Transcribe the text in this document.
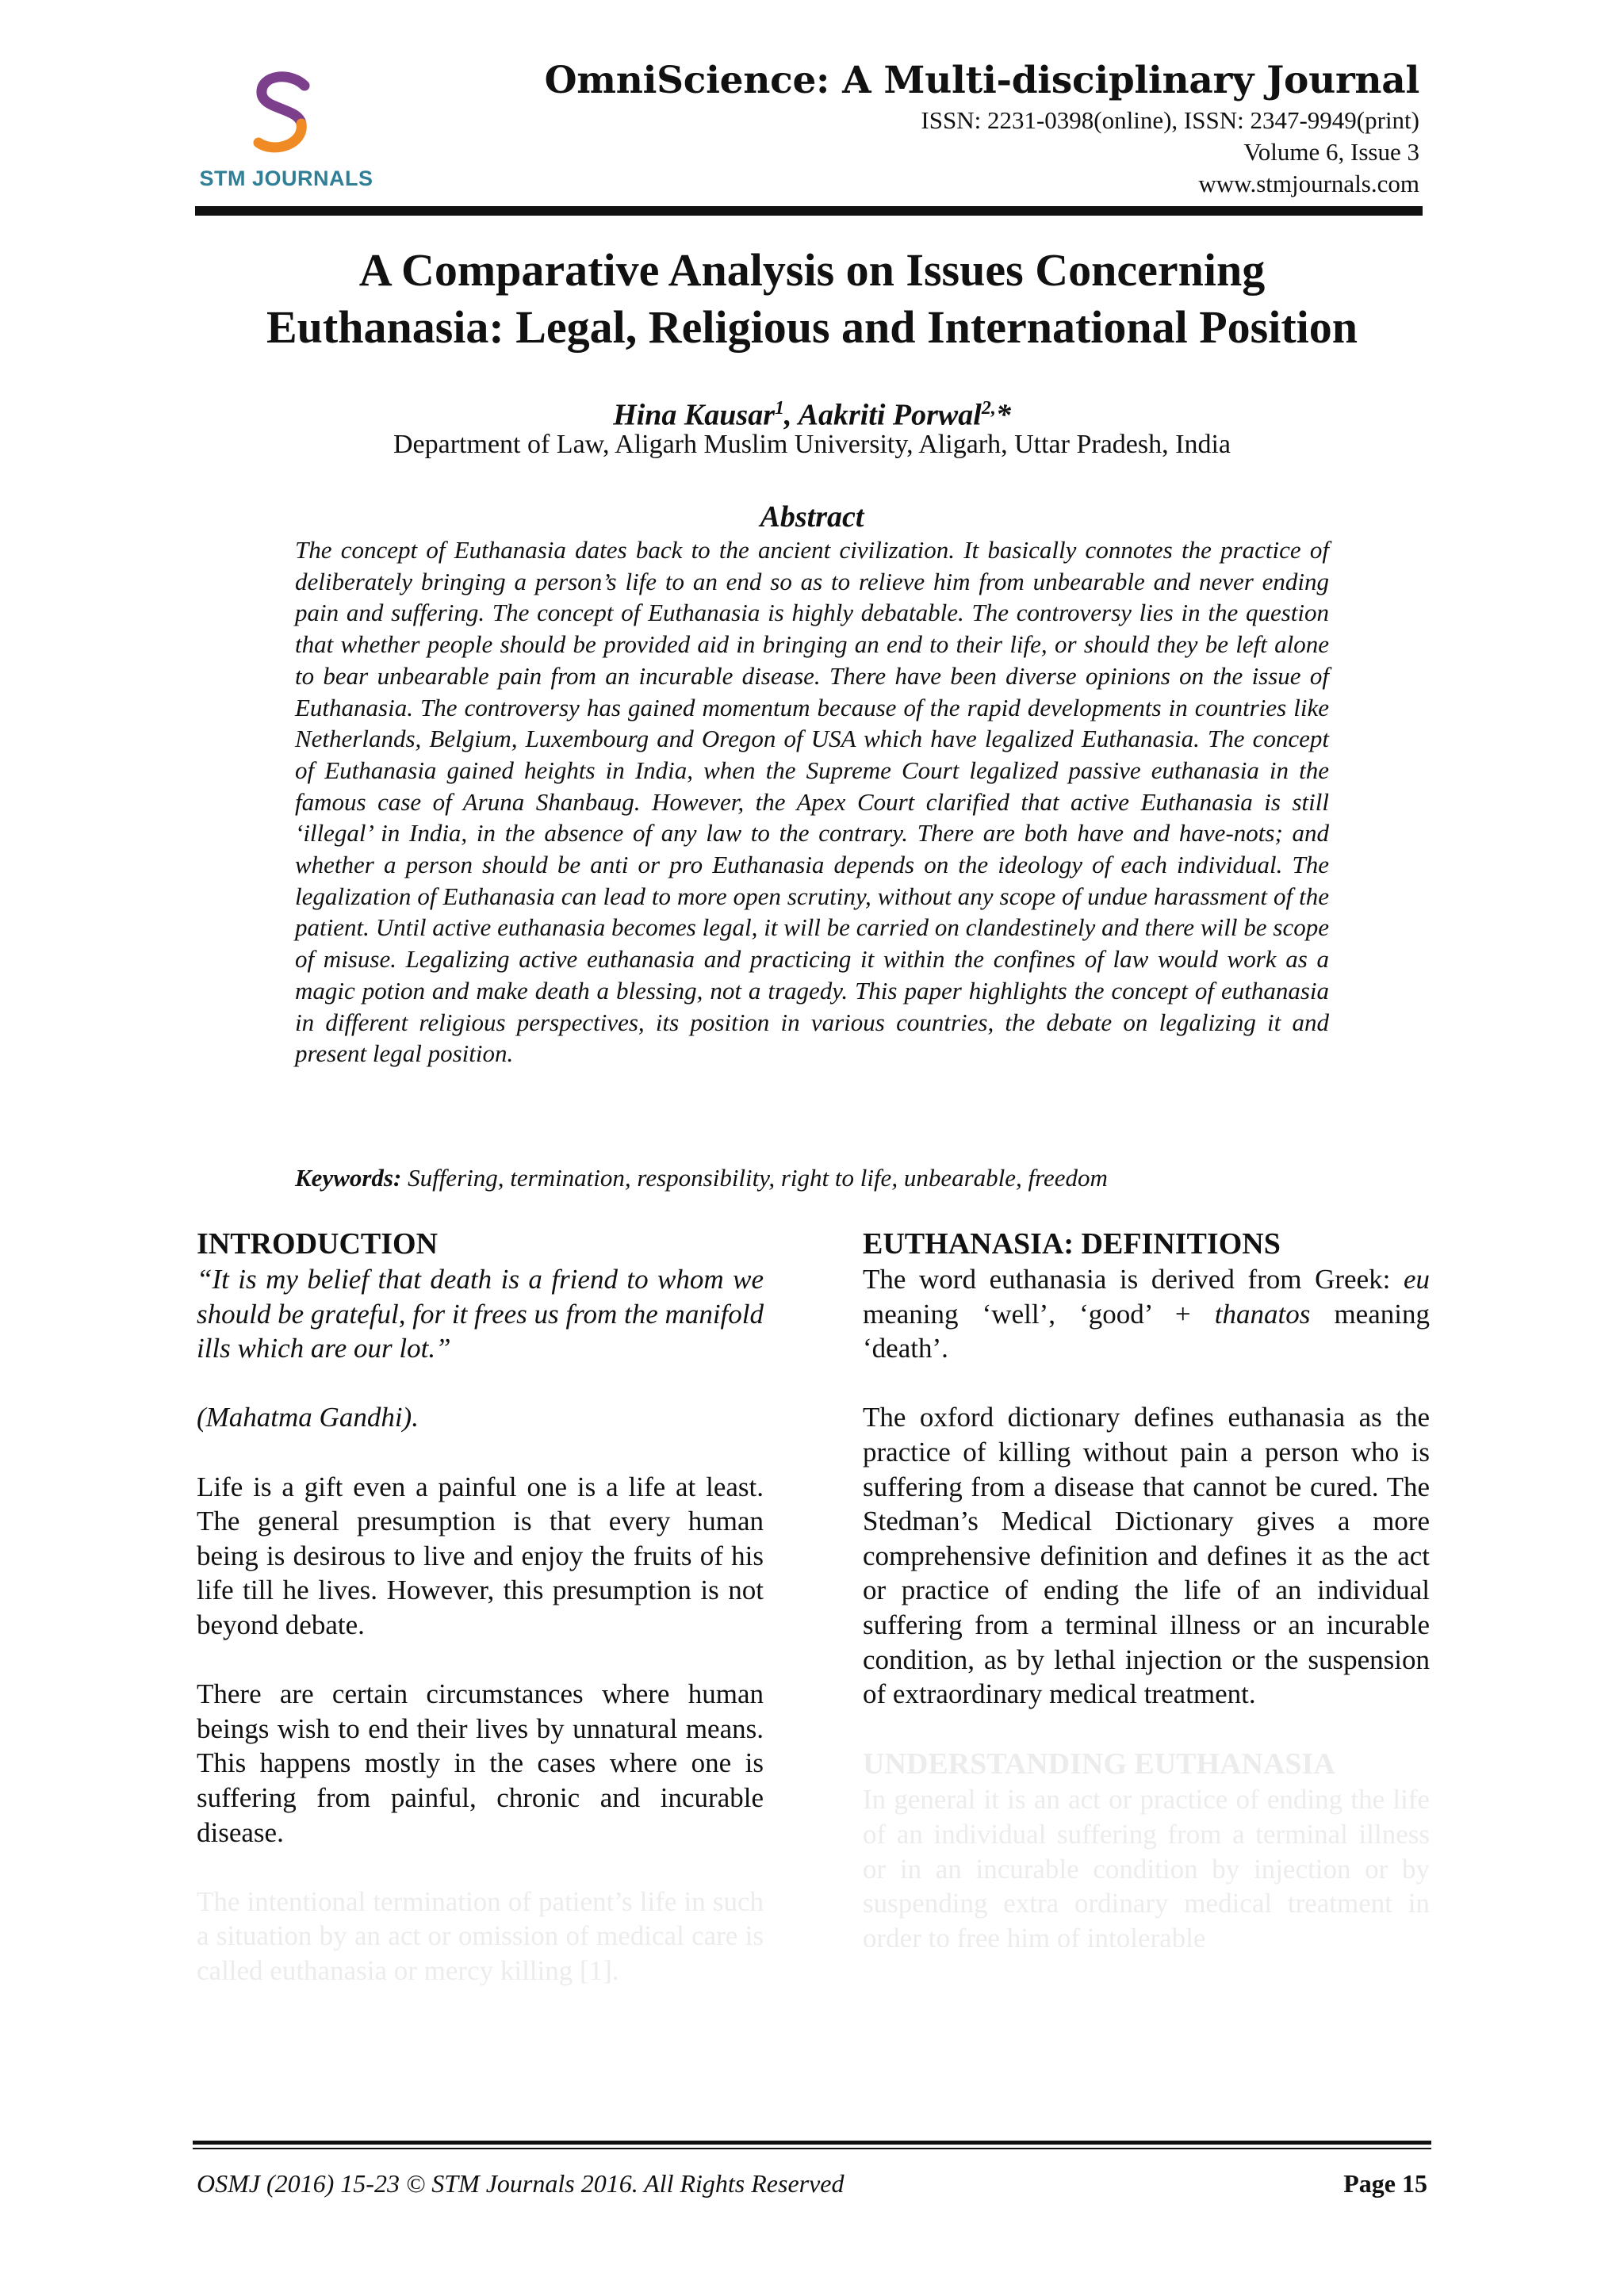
STM JOURNALS
OmniScience: A Multi-disciplinary Journal
ISSN: 2231-0398(online), ISSN: 2347-9949(print)
Volume 6, Issue 3
www.stmjournals.com
A Comparative Analysis on Issues Concerning
Euthanasia: Legal, Religious and International Position
Hina Kausar$^1$, Aakriti Porwal$^{2,}$*
Department of Law, Aligarh Muslim University, Aligarh, Uttar Pradesh, India
Abstract
The concept of Euthanasia dates back to the ancient civilization. It basically connotes the practice of deliberately bringing a person’s life to an end so as to relieve him from unbearable and never ending pain and suffering. The concept of Euthanasia is highly debatable. The controversy lies in the question that whether people should be provided aid in bringing an end to their life, or should they be left alone to bear unbearable pain from an incurable disease. There have been diverse opinions on the issue of Euthanasia. The controversy has gained momentum because of the rapid developments in countries like Netherlands, Belgium, Luxembourg and Oregon of USA which have legalized Euthanasia. The concept of Euthanasia gained heights in India, when the Supreme Court legalized passive euthanasia in the famous case of Aruna Shanbaug. However, the Apex Court clarified that active Euthanasia is still ‘illegal’ in India, in the absence of any law to the contrary. There are both have and have-nots; and whether a person should be anti or pro Euthanasia depends on the ideology of each individual. The legalization of Euthanasia can lead to more open scrutiny, without any scope of undue harassment of the patient. Until active euthanasia becomes legal, it will be carried on clandestinely and there will be scope of misuse. Legalizing active euthanasia and practicing it within the confines of law would work as a magic potion and make death a blessing, not a tragedy. This paper highlights the concept of euthanasia in different religious perspectives, its position in various countries, the debate on legalizing it and present legal position.
Keywords: Suffering, termination, responsibility, right to life, unbearable, freedom
INTRODUCTION

“It is my belief that death is a friend to whom we should be grateful, for it frees us from the manifold ills which are our lot.”

(Mahatma Gandhi).

Life is a gift even a painful one is a life at least. The general presumption is that every human being is desirous to live and enjoy the fruits of his life till he lives. However, this presumption is not beyond debate.

There are certain circumstances where human beings wish to end their lives by unnatural means. This happens mostly in the cases where one is suffering from painful, chronic and incurable disease.

The intentional termination of patient’s life in such a situation by an act or omission of medical care is called euthanasia or mercy killing [1].

EUTHANASIA: DEFINITIONS

The word euthanasia is derived from Greek: eu meaning ‘well’, ‘good’ + thanatos meaning ‘death’.

The oxford dictionary defines euthanasia as the practice of killing without pain a person who is suffering from a disease that cannot be cured. The Stedman’s Medical Dictionary gives a more comprehensive definition and defines it as the act or practice of ending the life of an individual suffering from a terminal illness or an incurable condition, as by lethal injection or the suspension of extraordinary medical treatment.

UNDERSTANDING EUTHANASIA

In general it is an act or practice of ending the life of an individual suffering from a terminal illness or in an incurable condition by injection or by suspending extra ordinary medical treatment in order to free him of intolerable

OSMJ (2016) 15-23 © STM Journals 2016. All Rights Reserved	Page 15
